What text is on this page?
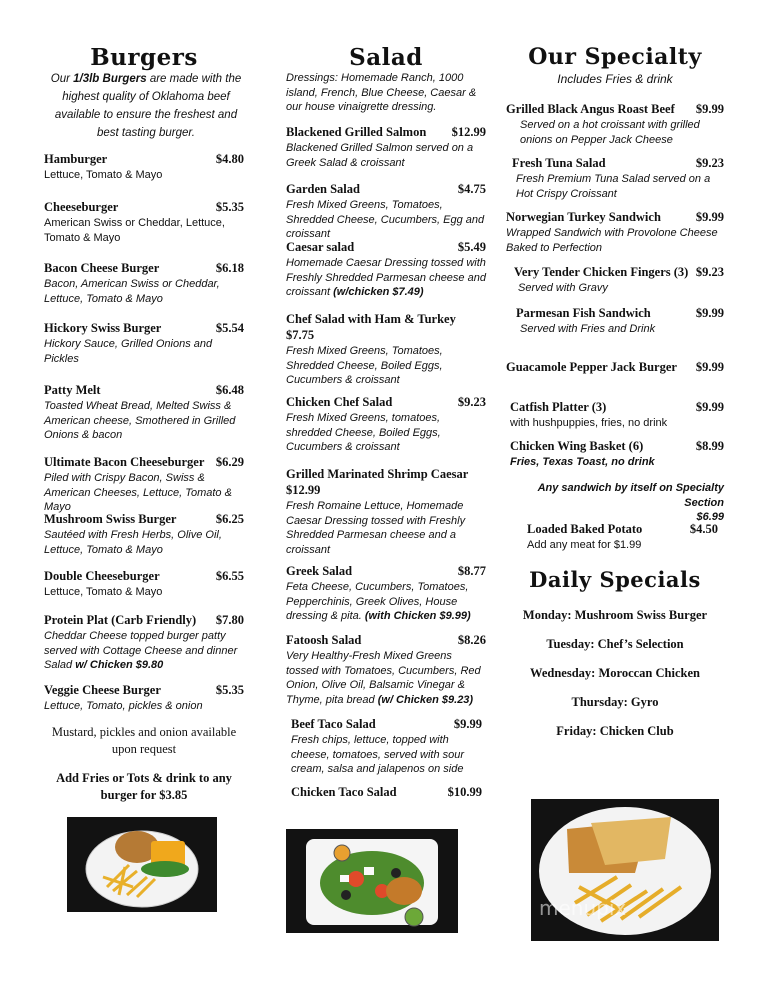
Burgers
Our 1/3lb Burgers are made with the
highest quality of Oklahoma beef
available to ensure the freshest and
best tasting burger.
Hamburger	$4.80
Lettuce, Tomato & Mayo
Cheeseburger	$5.35
American Swiss or Cheddar, Lettuce, Tomato & Mayo
Bacon Cheese Burger	$6.18
Bacon, American Swiss or Cheddar, Lettuce, Tomato & Mayo
Hickory Swiss Burger	$5.54
Hickory Sauce, Grilled Onions and Pickles
Patty Melt	$6.48
Toasted Wheat Bread, Melted Swiss & American cheese, Smothered in Grilled Onions & bacon
Ultimate Bacon Cheeseburger $6.29
Piled with Crispy Bacon, Swiss & American Cheeses, Lettuce, Tomato & Mayo
Mushroom Swiss Burger	$6.25
Sautéed with Fresh Herbs, Olive Oil, Lettuce, Tomato & Mayo
Double Cheeseburger	$6.55
Lettuce, Tomato & Mayo
Protein Plat (Carb Friendly) $7.80
Cheddar Cheese topped burger patty served with Cottage Cheese and dinner Salad w/ Chicken $9.80
Veggie Cheese Burger	$5.35
Lettuce, Tomato, pickles & onion
Mustard, pickles and onion available upon request
Add Fries or Tots & drink to any burger for $3.85
Salad
Dressings: Homemade Ranch, 1000 island, French, Blue Cheese, Caesar & our house vinaigrette dressing.
Blackened Grilled Salmon $12.99
Blackened Grilled Salmon served on a Greek Salad & croissant
Garden Salad	$4.75
Fresh Mixed Greens, Tomatoes, Shredded Cheese, Cucumbers, Egg and croissant
Caesar salad	$5.49
Homemade Caesar Dressing tossed with Freshly Shredded Parmesan cheese and croissant (w/chicken $7.49)
Chef Salad with Ham & Turkey
$7.75
Fresh Mixed Greens, Tomatoes, Shredded Cheese, Boiled Eggs, Cucumbers & croissant
Chicken Chef Salad	$9.23
Fresh Mixed Greens, tomatoes, shredded Cheese, Boiled Eggs, Cucumbers & croissant
Grilled Marinated Shrimp Caesar
$12.99
Fresh Romaine Lettuce, Homemade Caesar Dressing tossed with Freshly Shredded Parmesan cheese and a croissant
Greek Salad	$8.77
Feta Cheese, Cucumbers, Tomatoes, Pepperchinis, Greek Olives, House dressing & pita. (with Chicken $9.99)
Fatoosh Salad	$8.26
Very Healthy-Fresh Mixed Greens tossed with Tomatoes, Cucumbers, Red Onion, Olive Oil, Balsamic Vinegar & Thyme, pita bread (w/ Chicken $9.23)
Beef Taco Salad	$9.99
Fresh chips, lettuce, topped with cheese, tomatoes, served with sour cream, salsa and jalapenos on side
Chicken Taco Salad	$10.99
Our Specialty
Includes Fries & drink
Grilled Black Angus Roast Beef $9.99
Served on a hot croissant with grilled onions on Pepper Jack Cheese
Fresh Tuna Salad	$9.23
Fresh Premium Tuna Salad served on a Hot Crispy Croissant
Norwegian Turkey Sandwich	$9.99
Wrapped Sandwich with Provolone Cheese Baked to Perfection
Very Tender Chicken Fingers (3) $9.23
Served with Gravy
Parmesan Fish Sandwich	$9.99
Served with Fries and Drink
Guacamole Pepper Jack Burger $9.99
Catfish Platter (3)	$9.99
with hushpuppies, fries, no drink
Chicken Wing Basket (6)	$8.99
Fries, Texas Toast, no drink
Any sandwich by itself on Specialty Section
$6.99
Loaded Baked Potato	$4.50
Add any meat for $1.99
Daily Specials
Monday: Mushroom Swiss Burger
Tuesday: Chef’s Selection
Wednesday: Moroccan Chicken
Thursday: Gyro
Friday: Chicken Club
menupix
